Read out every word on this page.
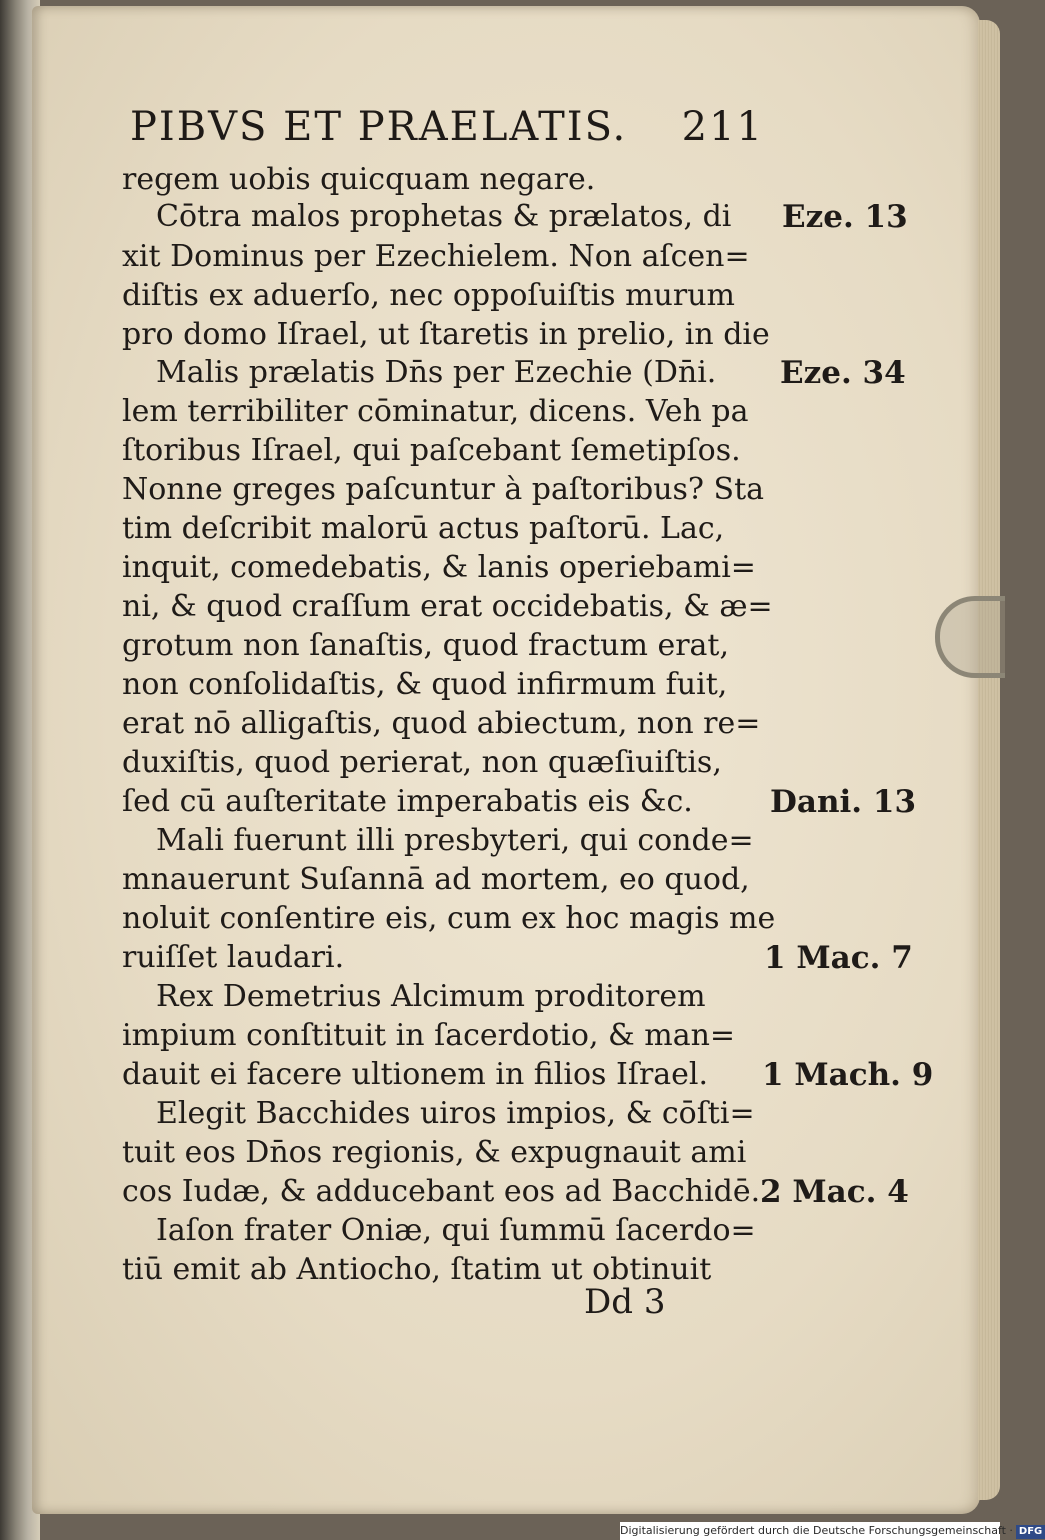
PIBVS ET PRAELATIS. 211
regem uobis quicquam negare.
Cōtra malos prophetas & prælatos, di
xit Dominus per Ezechielem. Non aſcen=
diſtis ex aduerſo, nec oppoſuiſtis murum
pro domo Iſrael, ut ſtaretis in prelio, in die
Malis prælatis Dn̄s per Ezechie (Dn̄i.
lem terribiliter cōminatur, dicens. Veh pa
ſtoribus Iſrael, qui paſcebant ſemetipſos.
Nonne greges paſcuntur à paſtoribus? Sta
tim deſcribit malorū actus paſtorū. Lac,
inquit, comedebatis, & lanis operiebami=
ni, & quod craſſum erat occidebatis, & æ=
grotum non ſanaſtis, quod fractum erat,
non conſolidaſtis, & quod infirmum fuit,
erat nō alligaſtis, quod abiectum, non re=
duxiſtis, quod perierat, non quæſiuiſtis,
ſed cū auſteritate imperabatis eis &c.
Mali fuerunt illi presbyteri, qui conde=
mnauerunt Suſannā ad mortem, eo quod,
noluit conſentire eis, cum ex hoc magis me
ruiſſet laudari.
Rex Demetrius Alcimum proditorem
impium conſtituit in ſacerdotio, & man=
dauit ei facere ultionem in filios Iſrael.
Elegit Bacchides uiros impios, & cōſti=
tuit eos Dn̄os regionis, & expugnauit ami
cos Iudæ, & adducebant eos ad Bacchidē.
Iaſon frater Oniæ, qui ſummū ſacerdo=
tiū emit ab Antiocho, ſtatim ut obtinuit
Eze. 13
Eze. 34
Dani. 13
1 Mac. 7
1 Mach. 9
2 Mac. 4
Dd 3
Digitalisierung gefördert durch die Deutsche Forschungsgemeinschaft · DFG
